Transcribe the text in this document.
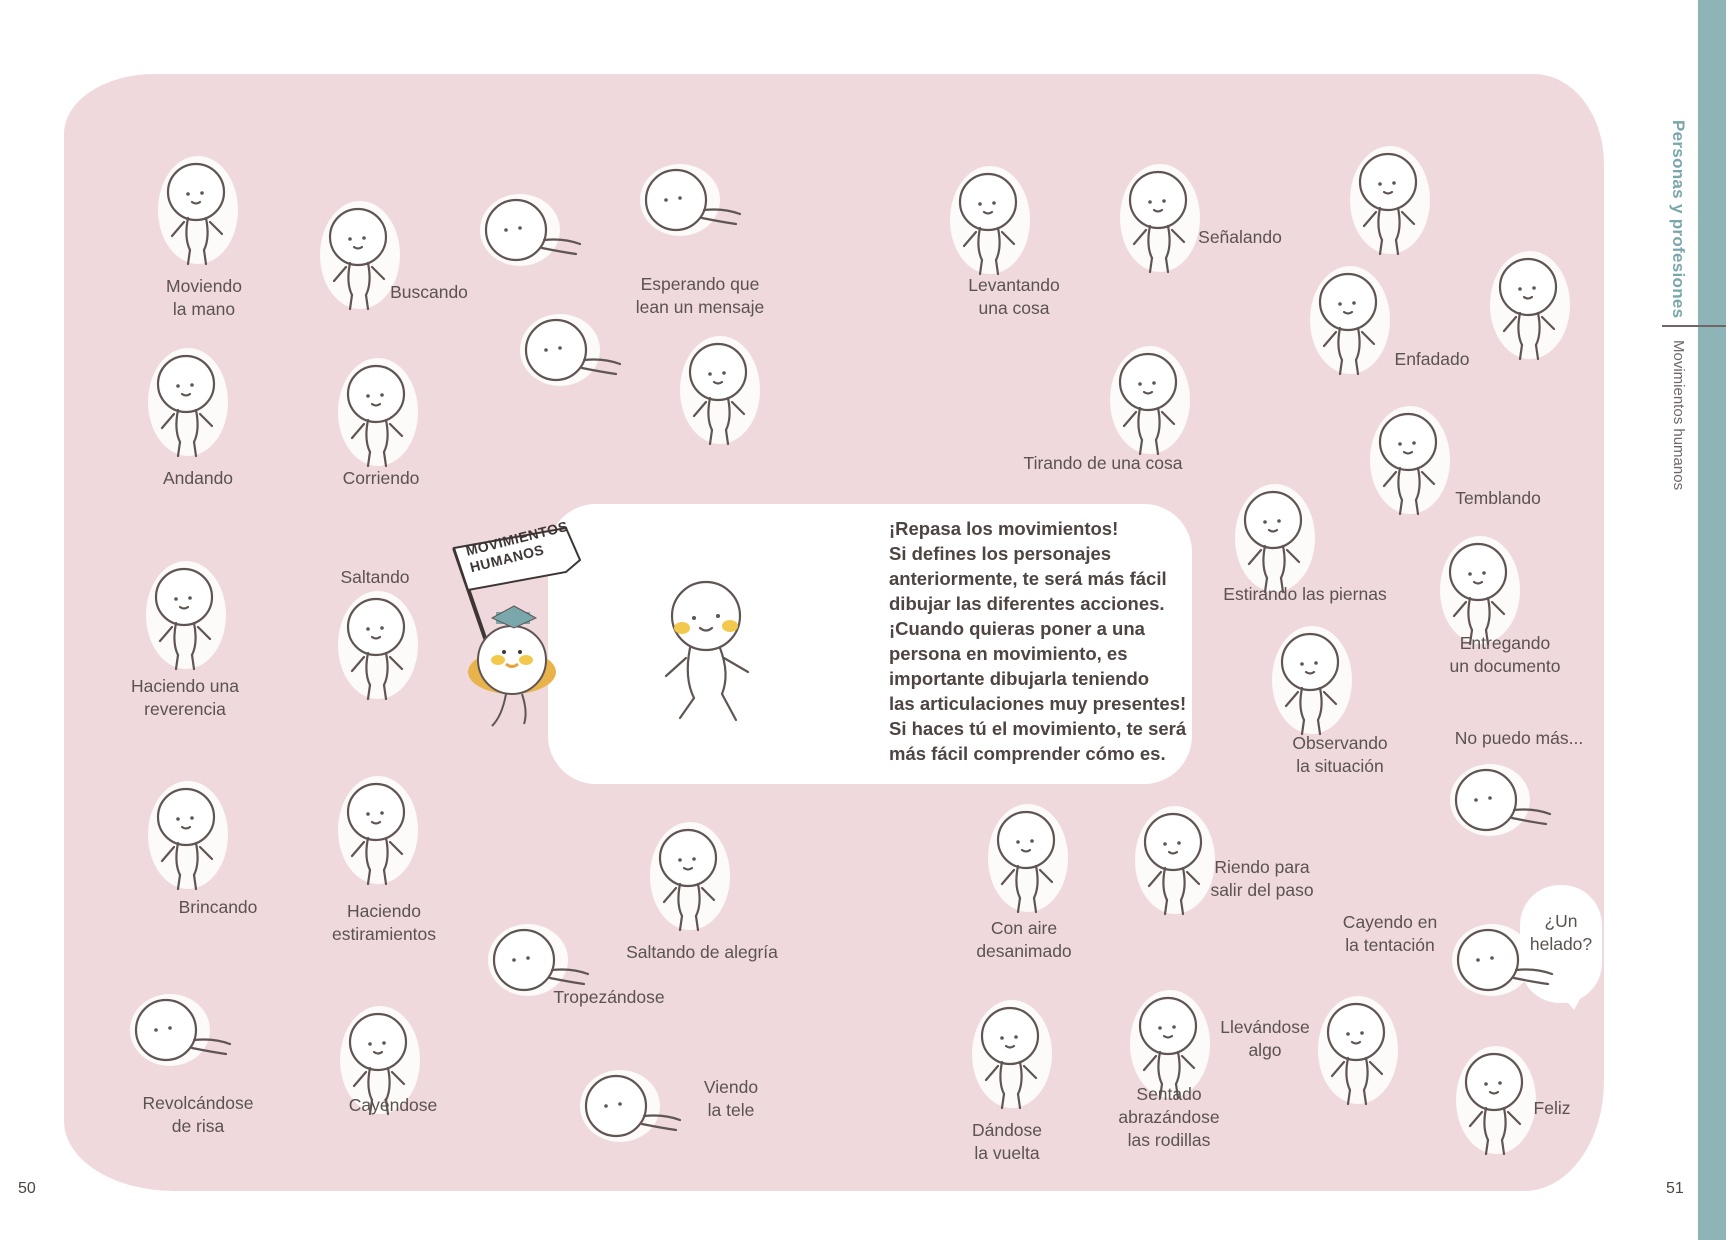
Personas y profesiones
Movimientos humanos
50	51
¡Repasa los movimientos!
Si defines los personajes
anteriormente, te será más fácil
dibujar las diferentes acciones.
¡Cuando quieras poner a una
persona en movimiento, es
importante dibujarla teniendo
las articulaciones muy presentes!
Si haces tú el movimiento, te será
más fácil comprender cómo es.
MOVIMIENTOS
HUMANOS
¿Un
helado?
Moviendo
la mano
Buscando	Esperando que
lean un mensaje
Levantando
una cosa
Señalando
Enfadado
Andando	Corriendo
Tirando de una cosa
Temblando
Saltando
Estirando las piernas
Entregando
un documento
Haciendo una
reverencia
Observando
la situación
No puedo más...
Brincando	Haciendo
estiramientos
Saltando de alegría
Con aire
desanimado
Riendo para
salir del paso
Cayendo en
la tentación
Tropezándose
Revolcándose
de risa
Cayéndose
Viendo
la tele
Dándose
la vuelta
Sentado
abrazándose
las rodillas
Llevándose
algo
Feliz
